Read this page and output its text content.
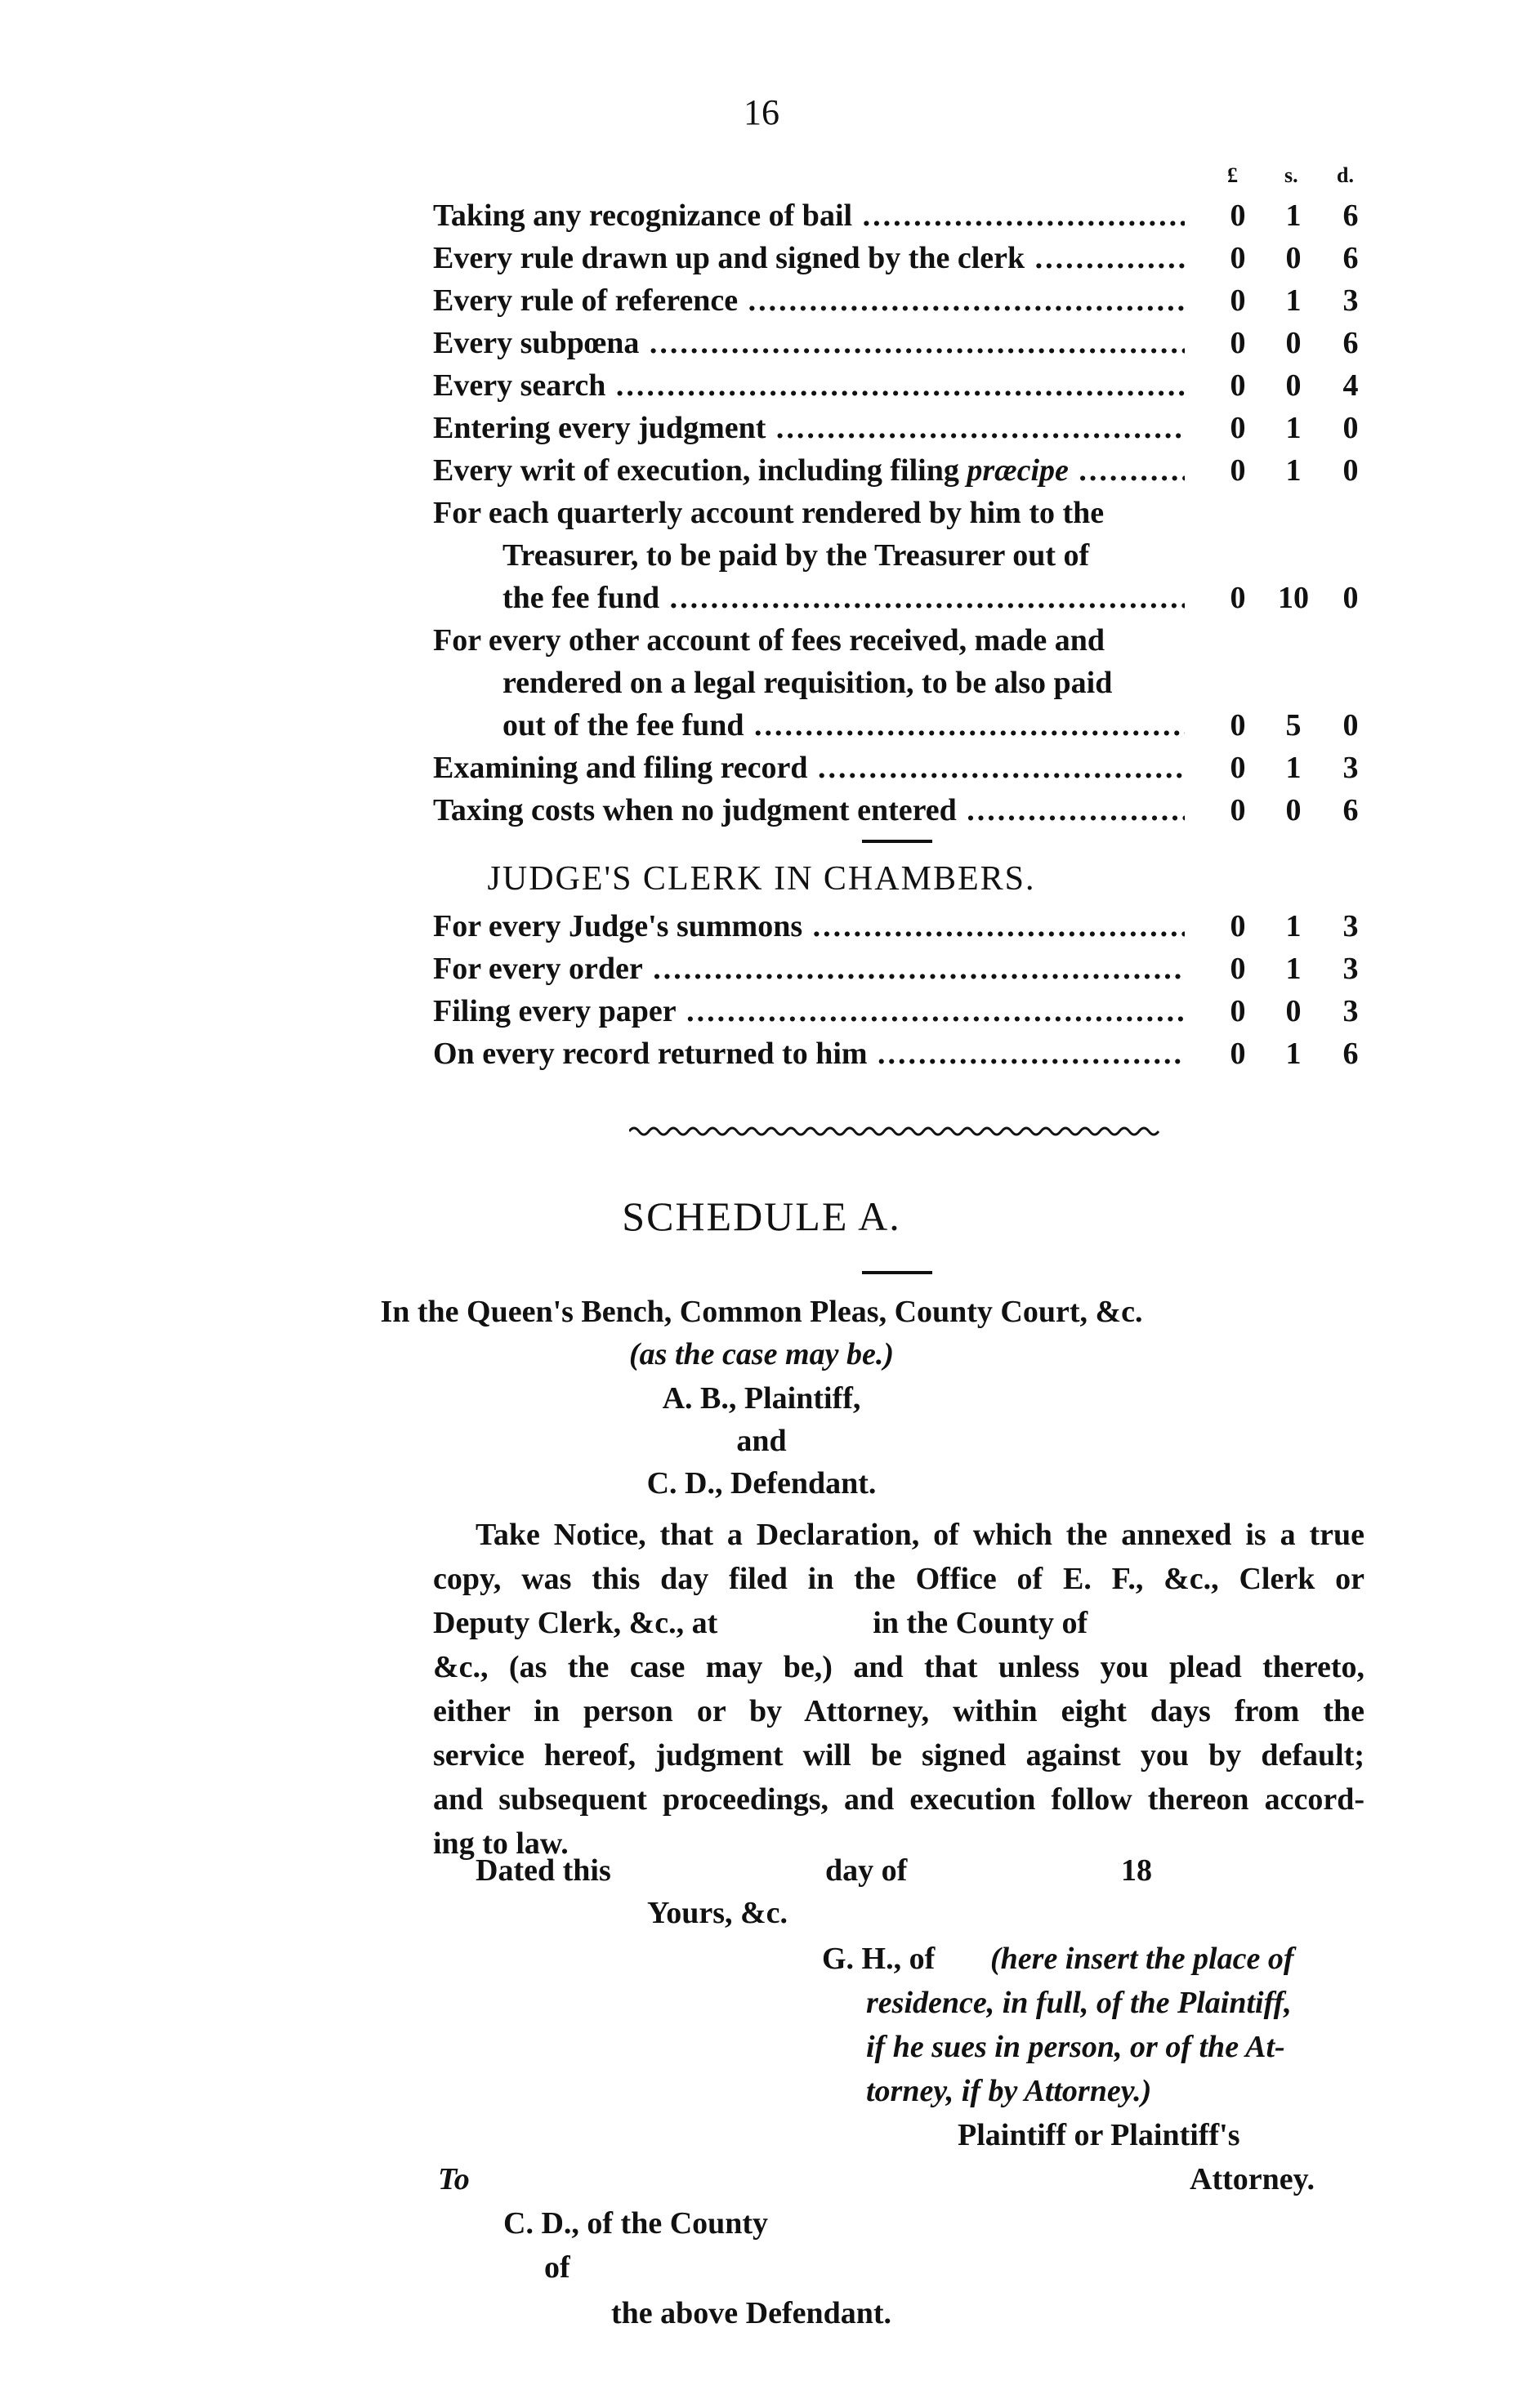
16
£ s. d.
Taking any recognizance of bail .....	0	1	6
Every rule drawn up and signed by the clerk .....	0	0	6
Every rule of reference .....	0	1	3
Every subpœna .....	0	0	6
Every search .....	0	0	4
Entering every judgment .....	0	1	0
Every writ of execution, including filing præcipe .....	0	1	0
For each quarterly account rendered by him to the
Treasurer, to be paid by the Treasurer out of
the fee fund .....	0	10	0
For every other account of fees received, made and
rendered on a legal requisition, to be also paid
out of the fee fund .....	0	5	0
Examining and filing record .....	0	1	3
Taxing costs when no judgment entered .....	0	0	6
JUDGE'S CLERK IN CHAMBERS.
For every Judge's summons .....	0	1	3
For every order .....	0	1	3
Filing every paper .....	0	0	3
On every record returned to him .....	0	1	6
SCHEDULE A.
In the Queen's Bench, Common Pleas, County Court, &c.
(as the case may be.)
A. B., Plaintiff,
and
C. D., Defendant.
Take Notice, that a Declaration, of which the annexed is a true
copy, was this day filed in the Office of E. F., &c., Clerk or
Deputy Clerk, &c., at                    in the County of
&c., (as the case may be,) and that unless you plead thereto,
either in person or by Attorney, within eight days from the
service hereof, judgment will be signed against you by default;
and subsequent proceedings, and execution follow thereon accord-
ing to law.
Dated this	day of	18
Yours, &c.
G. H., of (here insert the place of
residence, in full, of the Plaintiff,
if he sues in person, or of the At-
torney, if by Attorney.)
Plaintiff or Plaintiff's
To	Attorney.
C. D., of the County
of
the above Defendant.
